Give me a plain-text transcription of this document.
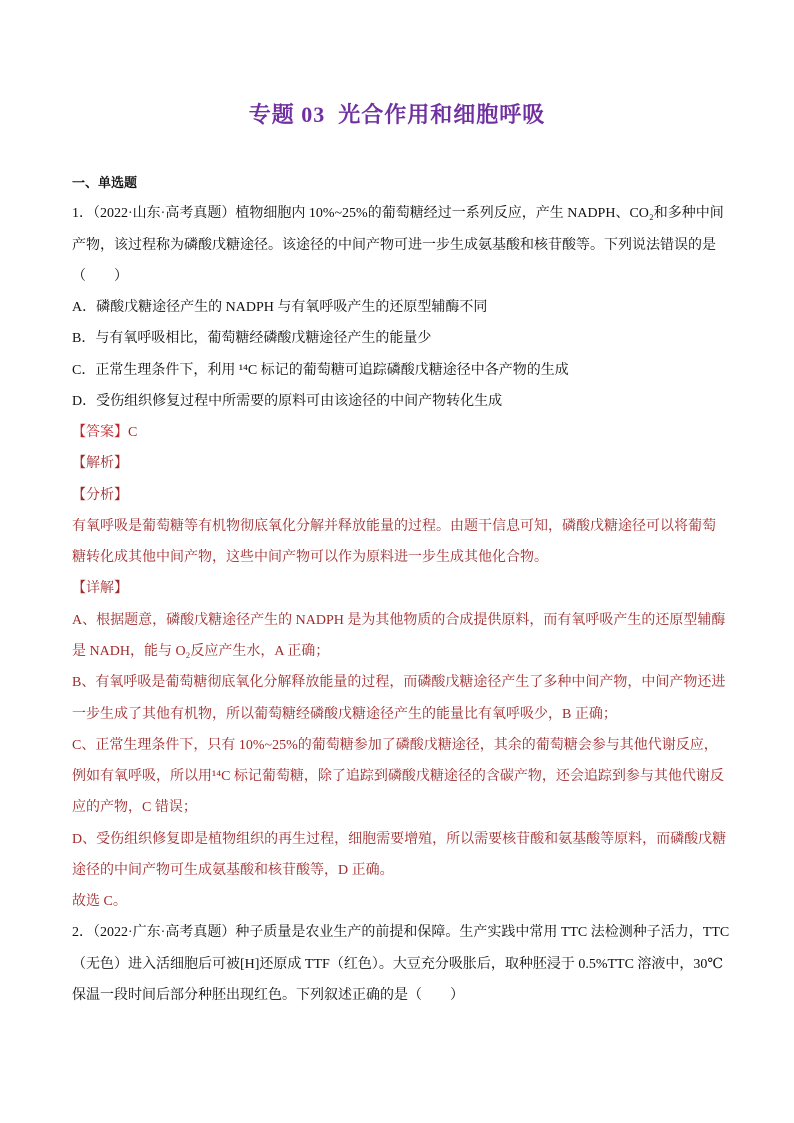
专题 03  光合作用和细胞呼吸
一、单选题
1．（2022·山东·高考真题）植物细胞内 10%~25%的葡萄糖经过一系列反应，产生 NADPH、CO₂和多种中间
产物，该过程称为磷酸戊糖途径。该途径的中间产物可进一步生成氨基酸和核苷酸等。下列说法错误的是
（　　）
A．磷酸戊糖途径产生的 NADPH 与有氧呼吸产生的还原型辅酶不同
B．与有氧呼吸相比，葡萄糖经磷酸戊糖途径产生的能量少
C．正常生理条件下，利用 ¹⁴C 标记的葡萄糖可追踪磷酸戊糖途径中各产物的生成
D．受伤组织修复过程中所需要的原料可由该途径的中间产物转化生成
【答案】C
【解析】
【分析】
有氧呼吸是葡萄糖等有机物彻底氧化分解并释放能量的过程。由题干信息可知，磷酸戊糖途径可以将葡萄
糖转化成其他中间产物，这些中间产物可以作为原料进一步生成其他化合物。
【详解】
A、根据题意，磷酸戊糖途径产生的 NADPH 是为其他物质的合成提供原料，而有氧呼吸产生的还原型辅酶
是 NADH，能与 O₂反应产生水，A 正确；
B、有氧呼吸是葡萄糖彻底氧化分解释放能量的过程，而磷酸戊糖途径产生了多种中间产物，中间产物还进
一步生成了其他有机物，所以葡萄糖经磷酸戊糖途径产生的能量比有氧呼吸少，B 正确；
C、正常生理条件下，只有 10%~25%的葡萄糖参加了磷酸戊糖途径，其余的葡萄糖会参与其他代谢反应，
例如有氧呼吸，所以用¹⁴C 标记葡萄糖，除了追踪到磷酸戊糖途径的含碳产物，还会追踪到参与其他代谢反
应的产物，C 错误；
D、受伤组织修复即是植物组织的再生过程，细胞需要增殖，所以需要核苷酸和氨基酸等原料，而磷酸戊糖
途径的中间产物可生成氨基酸和核苷酸等，D 正确。
故选 C。
2．（2022·广东·高考真题）种子质量是农业生产的前提和保障。生产实践中常用 TTC 法检测种子活力，TTC
（无色）进入活细胞后可被[H]还原成 TTF（红色）。大豆充分吸胀后，取种胚浸于 0.5%TTC 溶液中，30℃
保温一段时间后部分种胚出现红色。下列叙述正确的是（　　）
